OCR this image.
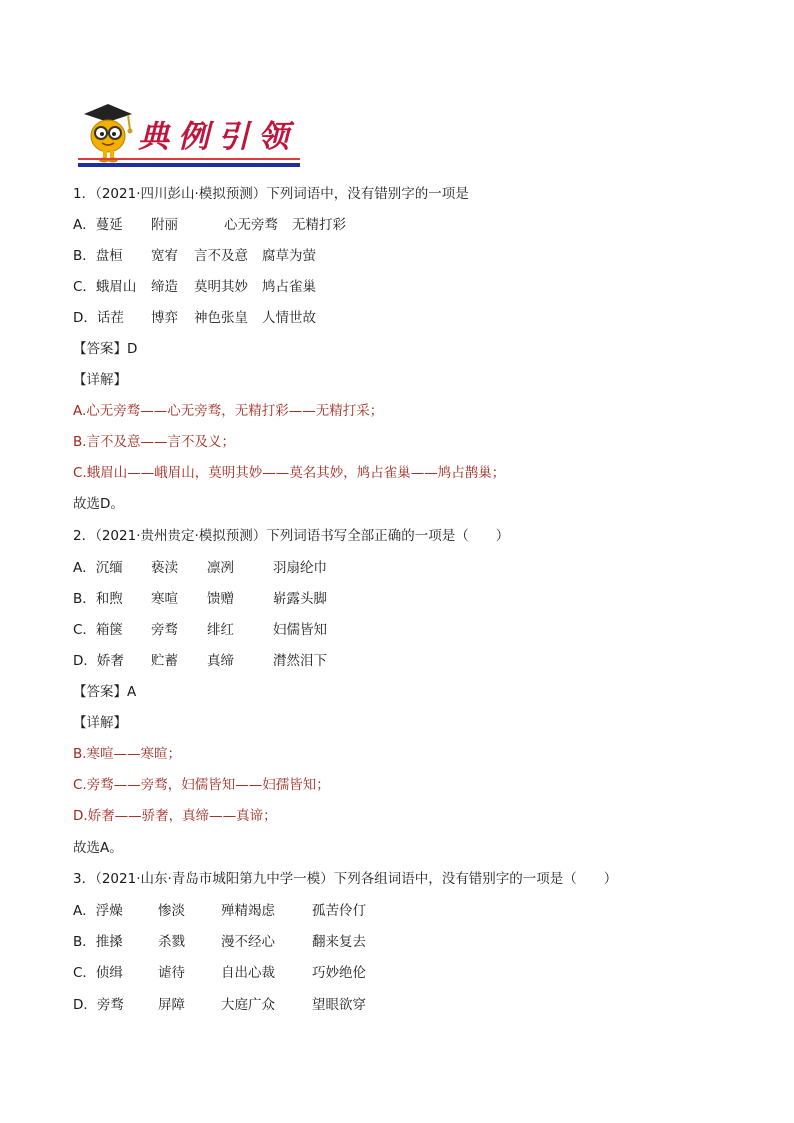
典例引领
1．（2021·四川彭山·模拟预测）下列词语中，没有错别字的一项是
A．蔓延 附丽	心无旁骛 无精打彩
B．盘桓 宽宥 言不及意 腐草为萤
C．蛾眉山 缔造 莫明其妙 鸠占雀巢
D．话茬 博弈 神色张皇 人情世故
【答案】D
【详解】
A.心无旁骛——心无旁骛，无精打彩——无精打采；
B.言不及意——言不及义；
C.蛾眉山——峨眉山，莫明其妙——莫名其妙，鸠占雀巢——鸠占鹊巢；
故选D。
2．（2021·贵州贵定·模拟预测）下列词语书写全部正确的一项是（　　）
A．沉缅 亵渎 凛冽	羽扇纶巾
B．和煦 寒喧 馈赠	崭露头脚
C．箱箧 旁骛 绯红	妇儒皆知
D．娇奢 贮蓄 真缔	潸然泪下
【答案】A
【详解】
B.寒喧——寒暄；
C.旁骛——旁骛，妇儒皆知——妇孺皆知；
D.娇奢——骄奢，真缔——真谛；
故选A。
3．（2021·山东·青岛市城阳第九中学一模）下列各组词语中，没有错别字的一项是（　　）
A．浮燥	惨淡	殚精竭虑	孤苦伶仃
B．推搡	杀戮	漫不经心	翻来复去
C．侦缉	谑待	自出心裁	巧妙绝伦
D．旁骛	屏障	大庭广众	望眼欲穿
